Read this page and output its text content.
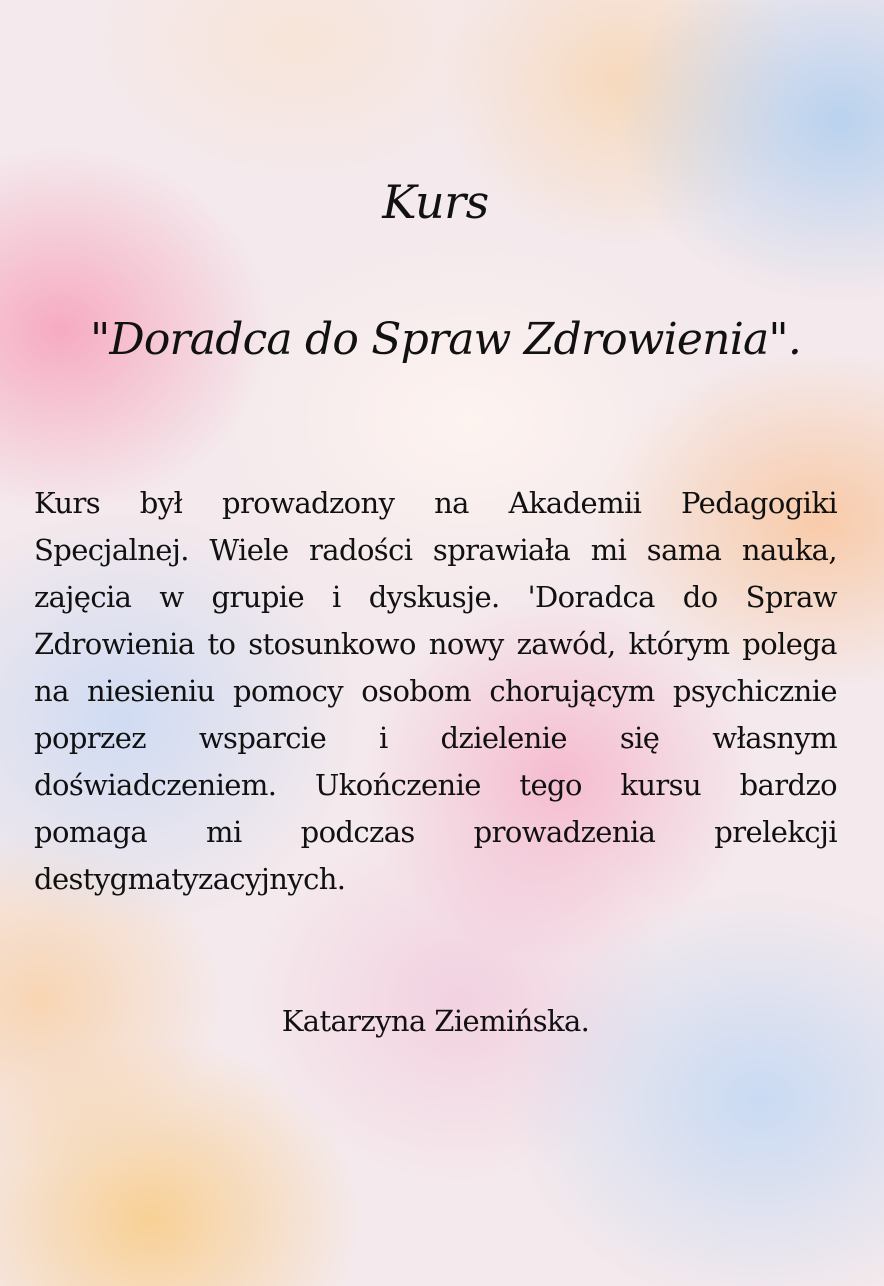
Kurs
"Doradca do Spraw Zdrowienia".

Kurs był prowadzony na Akademii Pedagogiki Specjalnej. Wiele radości sprawiała mi sama nauka, zajęcia w grupie i dyskusje. 'Doradca do Spraw Zdrowienia to stosunkowo nowy zawód, którym polega na niesieniu pomocy osobom chorującym psychicznie poprzez wsparcie i dzielenie się własnym doświadczeniem. Ukończenie tego kursu bardzo pomaga mi podczas prowadzenia prelekcji destygmatyzacyjnych.

Katarzyna Ziemińska.
